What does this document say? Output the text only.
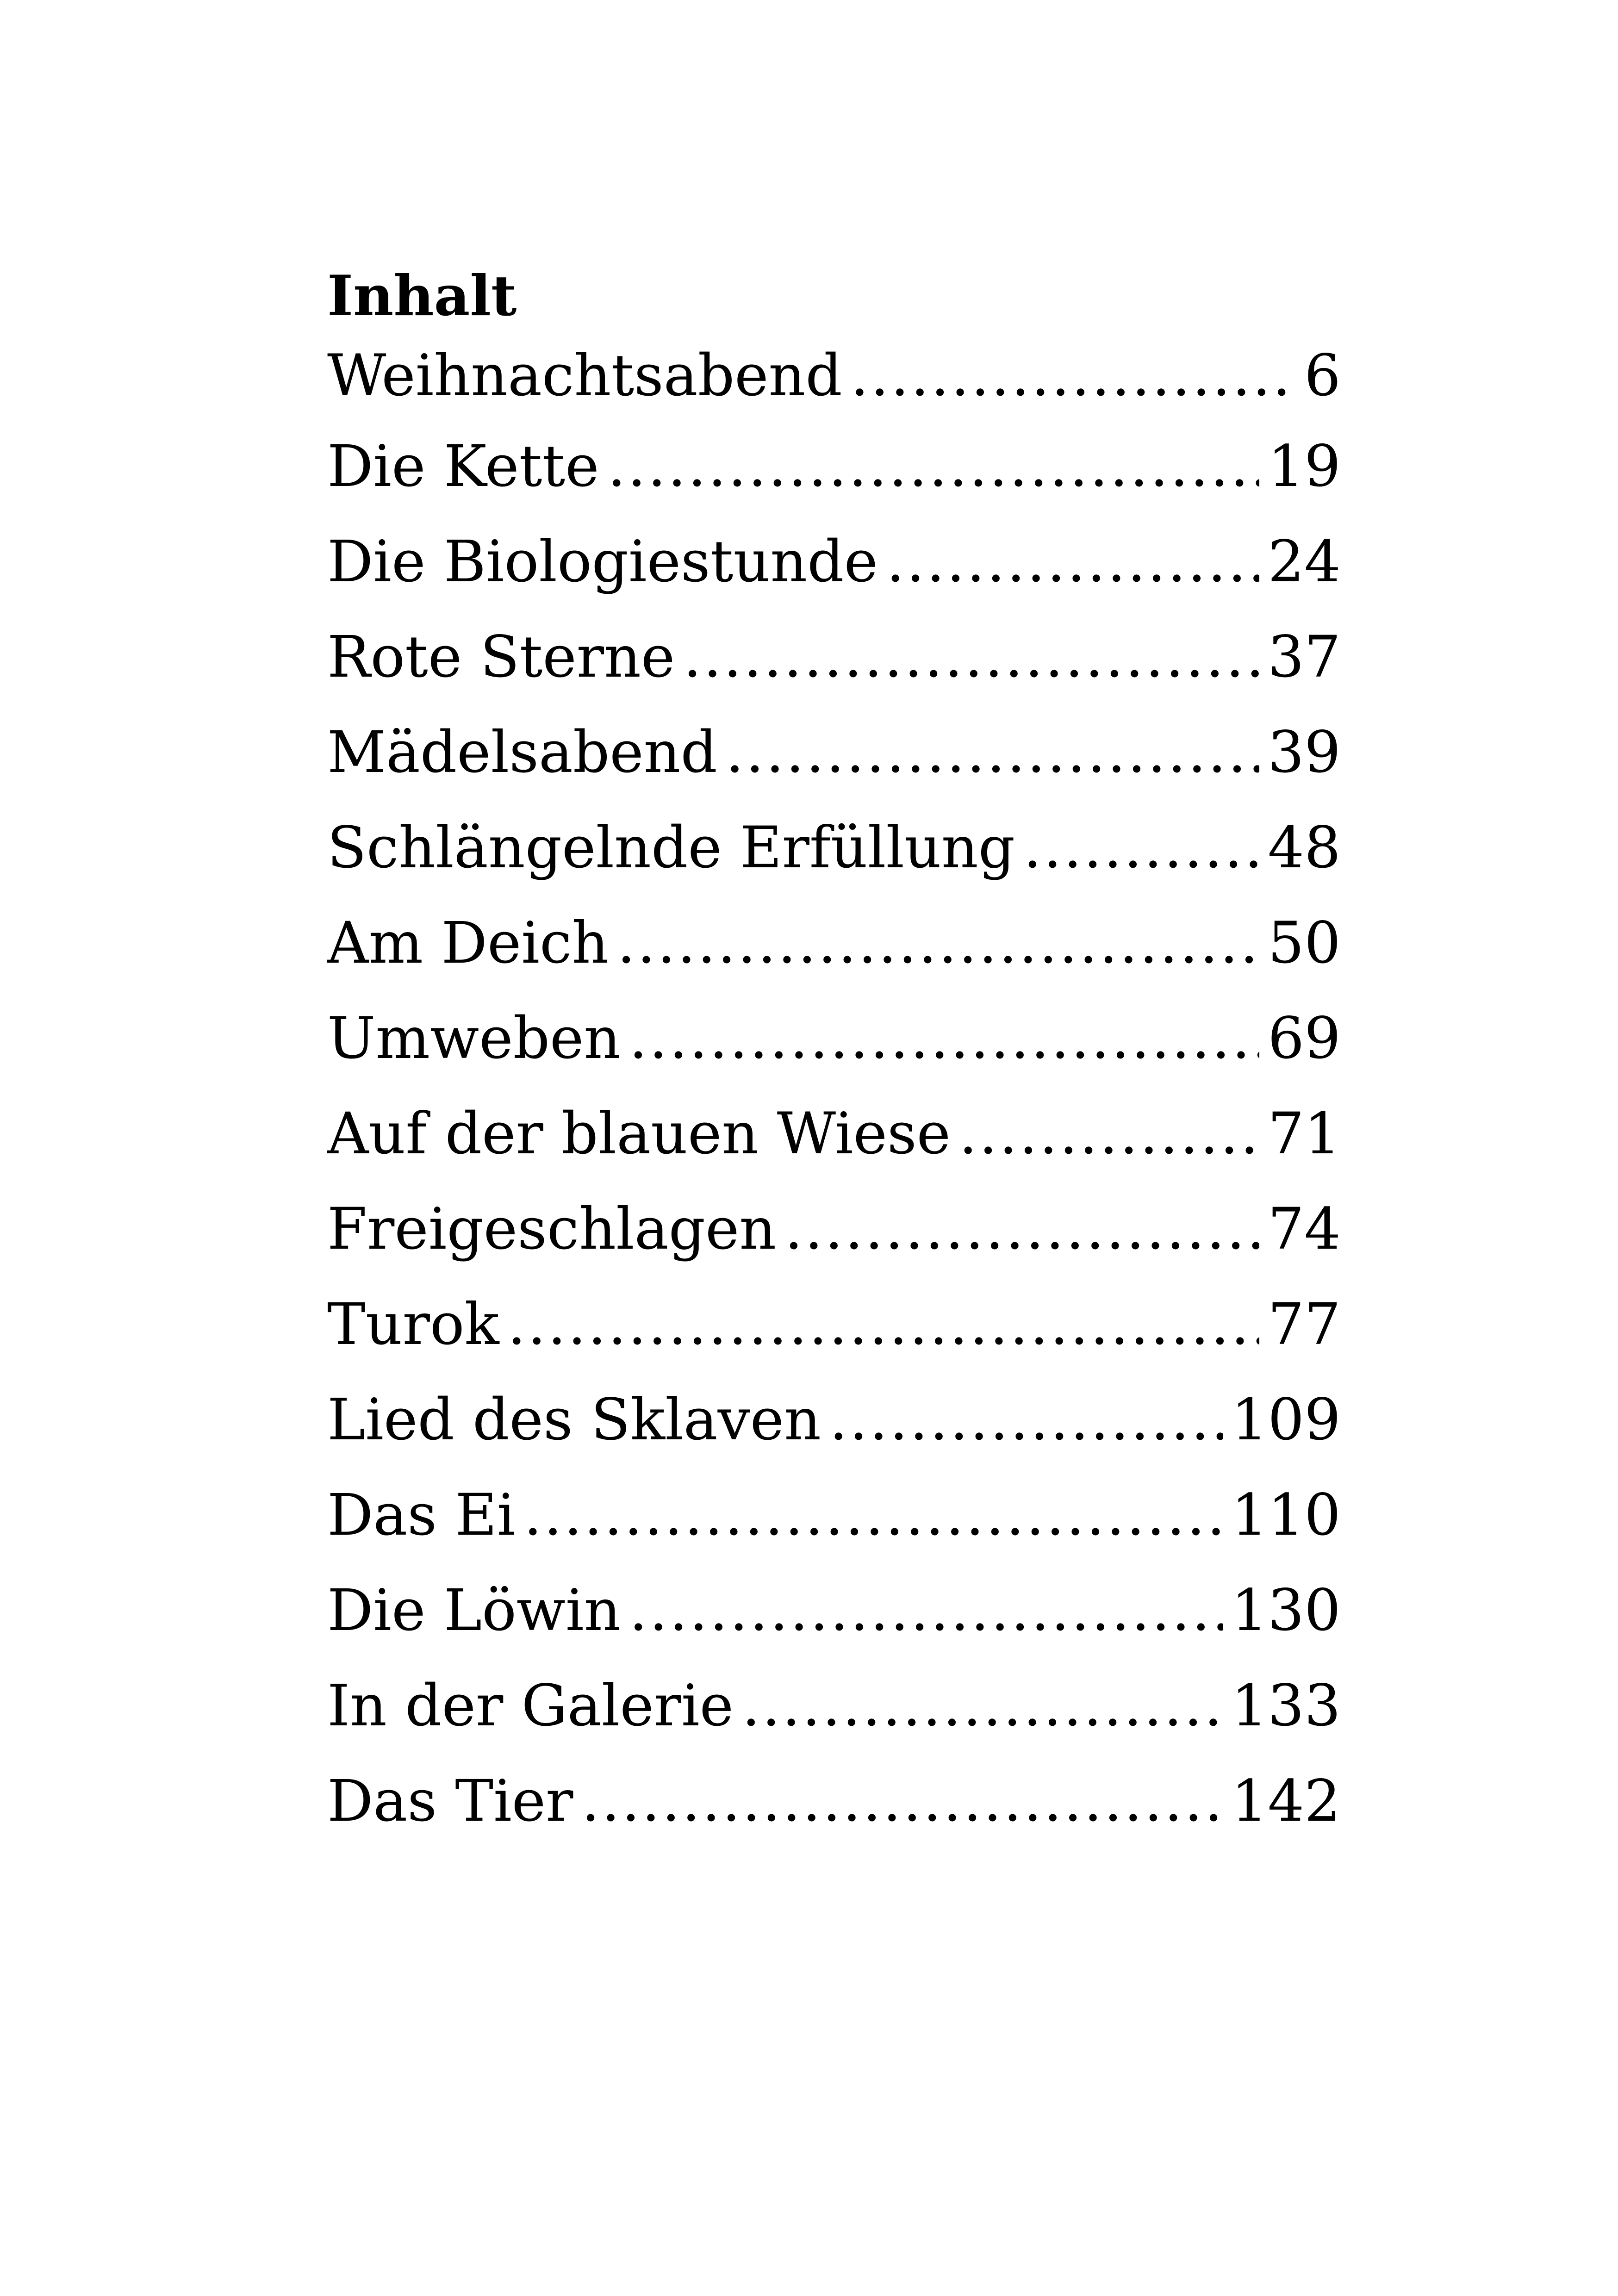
Inhalt
Weihnachtsabend .....	6
Die Kette .....	19
Die Biologiestunde .....	24
Rote Sterne .....	37
Mädelsabend .....	39
Schlängelnde Erfüllung .....	48
Am Deich .....	50
Umweben .....	69
Auf der blauen Wiese .....	71
Freigeschlagen .....	74
Turok .....	77
Lied des Sklaven .....	109
Das Ei .....	110
Die Löwin .....	130
In der Galerie .....	133
Das Tier .....	142
